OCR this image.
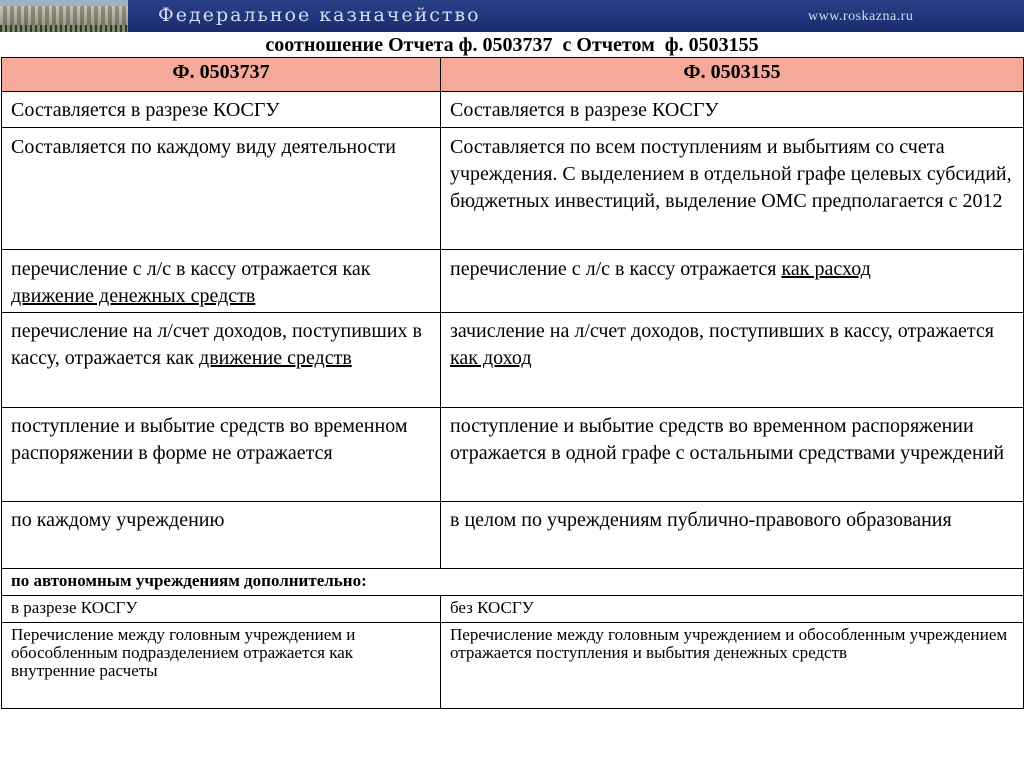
Федеральное казначейство	www.roskazna.ru
соотношение Отчета ф. 0503737  с Отчетом  ф. 0503155
Ф. 0503737	Ф. 0503155
Составляется в разрезе КОСГУ	Составляется в разрезе КОСГУ
Составляется по каждому виду деятельности	Составляется по всем поступлениям и выбытиям со счета учреждения. С выделением в отдельной графе целевых субсидий, бюджетных инвестиций, выделение ОМС предполагается с 2012
перечисление с л/с в кассу отражается как движение денежных средств	перечисление с л/с в кассу отражается как расход
перечисление на л/счет доходов, поступивших в кассу, отражается как движение средств	зачисление на л/счет доходов, поступивших в кассу, отражается как доход
поступление и выбытие средств во временном распоряжении в форме не отражается	поступление и выбытие средств во временном распоряжении отражается в одной графе с остальными средствами учреждений
по каждому учреждению	в целом по учреждениям публично-правового образования
по автономным учреждениям дополнительно:	
в разрезе КОСГУ	без КОСГУ
Перечисление между головным учреждением и обособленным подразделением отражается как внутренние расчеты	Перечисление между головным учреждением и обособленным учреждением отражается поступления и выбытия денежных средств
